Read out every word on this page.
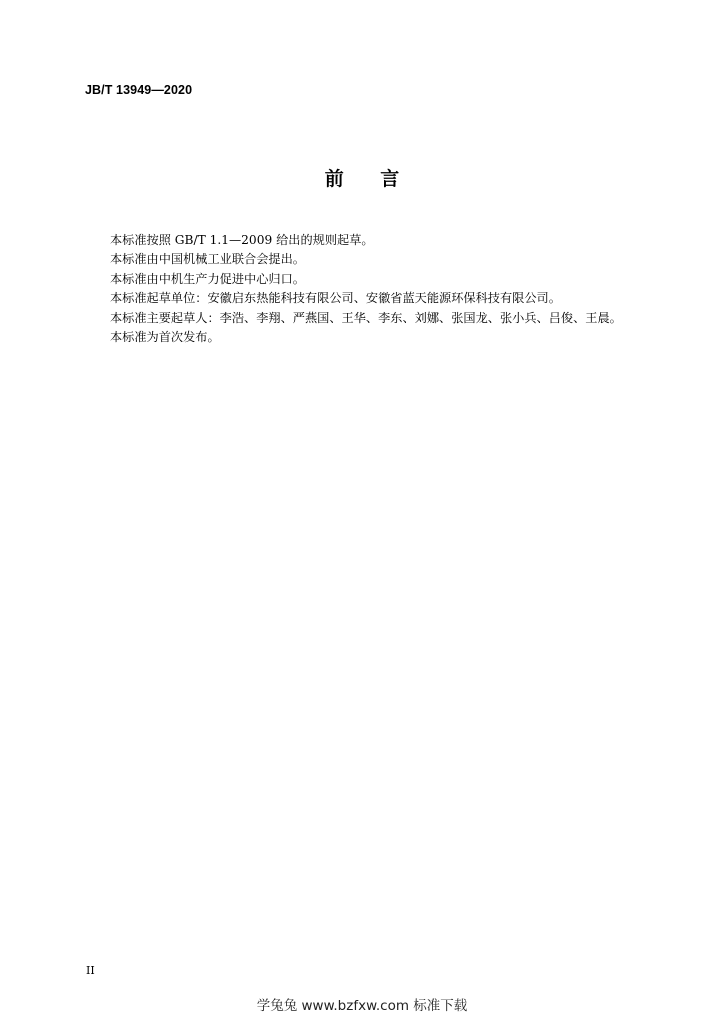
JB/T 13949—2020
前 言
本标准按照 GB/T 1.1—2009 给出的规则起草。
本标准由中国机械工业联合会提出。
本标准由中机生产力促进中心归口。
本标准起草单位：安徽启东热能科技有限公司、安徽省蓝天能源环保科技有限公司。
本标准主要起草人：李浩、李翔、严燕国、王华、李东、刘娜、张国龙、张小兵、吕俊、王晨。
本标准为首次发布。
II
学兔兔 www.bzfxw.com 标准下载
